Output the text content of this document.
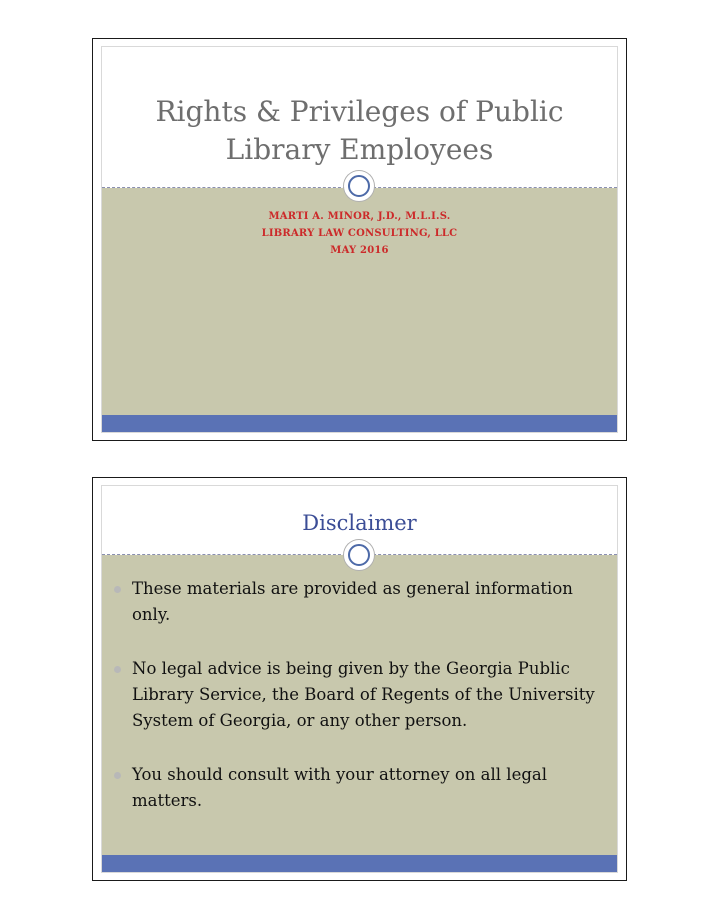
Rights & Privileges of Public Library Employees
MARTI A. MINOR, J.D., M.L.I.S.
LIBRARY LAW CONSULTING, LLC
MAY 2016
Disclaimer
These materials are provided as general information only.
No legal advice is being given by the Georgia Public Library Service, the Board of Regents of the University System of Georgia, or any other person.
You should consult with your attorney on all legal matters.
